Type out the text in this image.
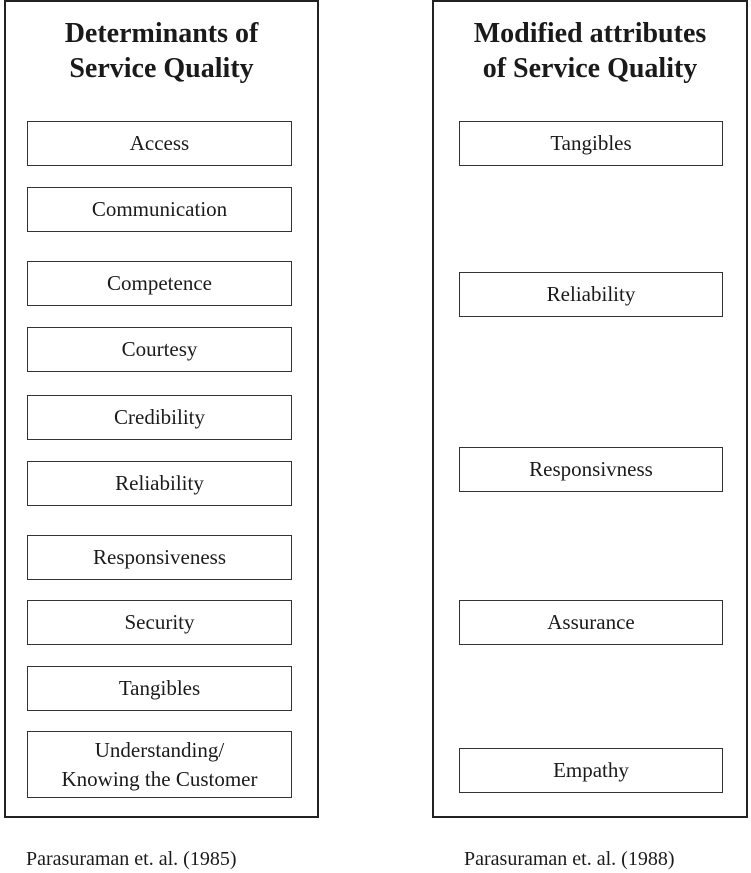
Determinants of
Service Quality
Access
Communication
Competence
Courtesy
Credibility
Reliability
Responsiveness
Security
Tangibles
Understanding/
Knowing the Customer
Modified attributes
of Service Quality
Tangibles
Reliability
Responsivness
Assurance
Empathy
Parasuraman et. al. (1985)	Parasuraman et. al. (1988)
